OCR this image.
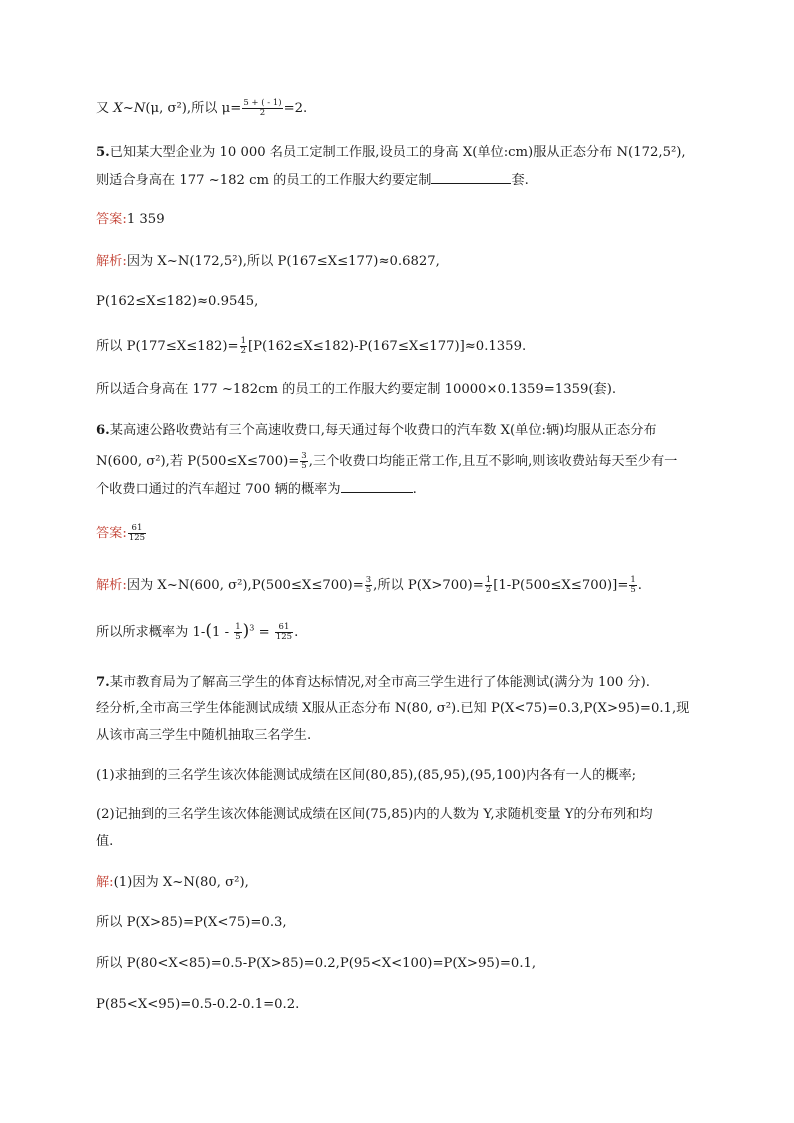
又 X~N(μ, σ²),所以 $\mu= \frac{5 + ( - 1)}{2} =2$.
5.已知某大型企业为 10 000 名员工定制工作服,设员工的身高 X(单位:cm)服从正态分布 N(172,5²),
则适合身高在 177 ~182 cm 的员工的工作服大约要定制	套.
答案:1 359
解析:因为 X~N(172,5²),所以 P(167≤X≤177)≈0.6827,
P(162≤X≤182)≈0.9545,
所以 $P(177\le X\le 182)= \frac{1}{2} [P(162\le X\le 182)-P(167\le X\le 177)]\approx 0.1359$.
所以适合身高在 177 ~182cm 的员工的工作服大约要定制 10000×0.1359=1359(套).
6.某高速公路收费站有三个高速收费口,每天通过每个收费口的汽车数 X(单位:辆)均服从正态分布
N(600, σ²),若 $P(500\le X\le 700)= \frac{3}{5}$ ,三个收费口均能正常工作,且互不影响,则该收费站每天至少有一
个收费口通过的汽车超过 700 辆的概率为	.
答案: $\frac{61}{125}$
解析:因为 X~N(600, $\sigma^2),P(500\le X\le 700)= \frac{3}{5}$ ,所以 $P(X>700)= \frac{1}{2} [1-P(500\le X\le 700)]= \frac{1}{5}$ .
所以所求概率为 $1-(1 - \frac{1}{5} )^3 = \frac{61}{125}$ .
7.某市教育局为了解高三学生的体育达标情况,对全市高三学生进行了体能测试(满分为 100 分).
经分析,全市高三学生体能测试成绩 X服从正态分布 N(80, σ²).已知 P(X<75)=0.3,P(X>95)=0.1,现
从该市高三学生中随机抽取三名学生.
(1)求抽到的三名学生该次体能测试成绩在区间(80,85),(85,95),(95,100)内各有一人的概率;
(2)记抽到的三名学生该次体能测试成绩在区间(75,85)内的人数为 Y,求随机变量 Y的分布列和均
值.
解:(1)因为 X~N(80, σ²),
所以 P(X>85)=P(X<75)=0.3,
所以 P(80<X<85)=0.5-P(X>85)=0.2,P(95<X<100)=P(X>95)=0.1,
P(85<X<95)=0.5-0.2-0.1=0.2.
